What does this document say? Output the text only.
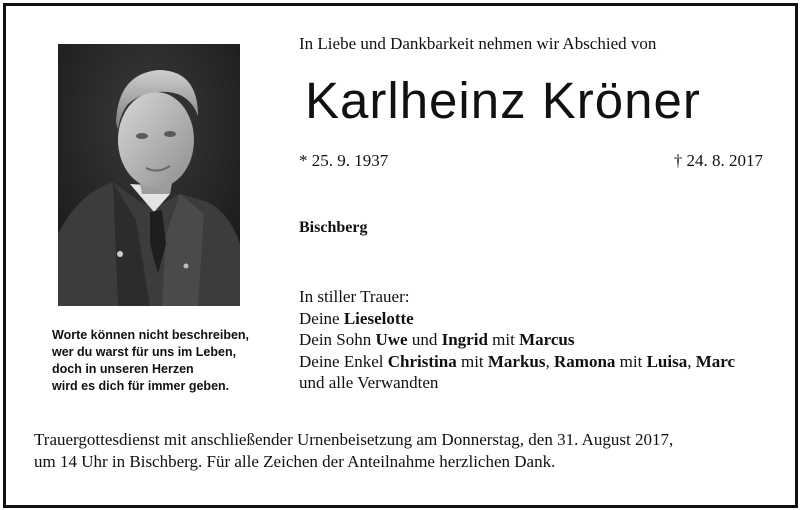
Worte können nicht beschreiben,
wer du warst für uns im Leben,
doch in unseren Herzen
wird es dich für immer geben.
In Liebe und Dankbarkeit nehmen wir Abschied von
Karlheinz Kröner
* 25. 9. 1937	† 24. 8. 2017
Bischberg
In stiller Trauer:
Deine Lieselotte
Dein Sohn Uwe und Ingrid mit Marcus
Deine Enkel Christina mit Markus, Ramona mit Luisa, Marc
und alle Verwandten
Trauergottesdienst mit anschließender Urnenbeisetzung am Donnerstag, den 31. August 2017,
um 14 Uhr in Bischberg. Für alle Zeichen der Anteilnahme herzlichen Dank.
